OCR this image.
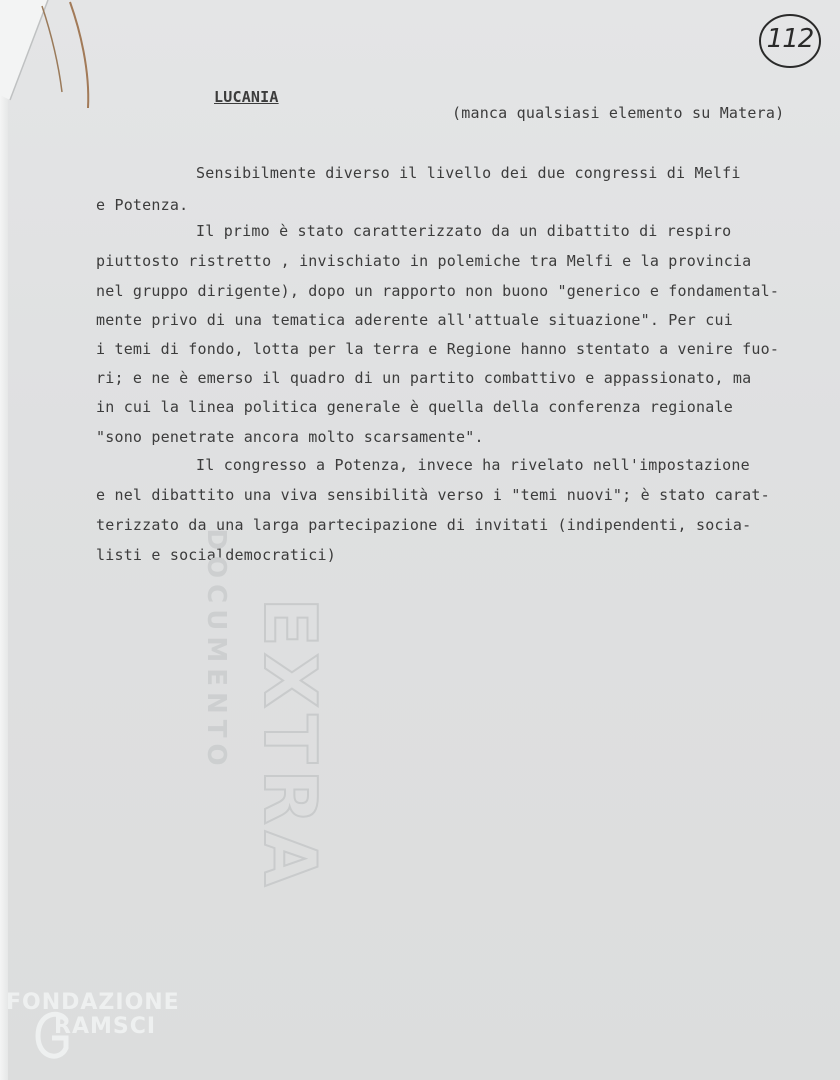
112
LUCANIA
(manca qualsiasi elemento su Matera)
Sensibilmente diverso il livello dei due congressi di Melfi
e Potenza.
Il primo è stato caratterizzato da un dibattito di respiro
piuttosto ristretto , invischiato in polemiche tra Melfi e la provincia
nel gruppo dirigente), dopo un rapporto non buono "generico e fondamental-
mente privo di una tematica aderente all'attuale situazione". Per cui
i temi di fondo, lotta per la terra e Regione hanno stentato a venire fuo-
ri; e ne è emerso il quadro di un partito combattivo e appassionato, ma
in cui la linea politica generale è quella della conferenza regionale
"sono penetrate ancora molto scarsamente".
Il congresso a Potenza, invece ha rivelato nell'impostazione
e nel dibattito una viva sensibilità verso i "temi nuovi"; è stato carat-
terizzato da una larga partecipazione di invitati (indipendenti, socia-
listi e socialdemocratici)
DOCUMENTO EXTRA
FONDAZIONE
RAMSCI
